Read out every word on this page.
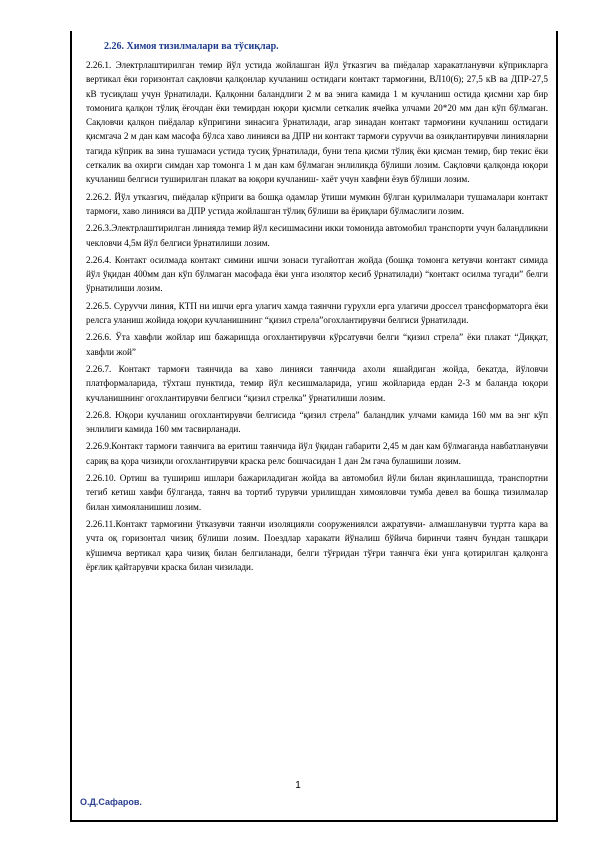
2.26. Химоя тизилмалари ва тўсиқлар.

2.26.1. Электрлаштирилган темир йўл устида жойлашган йўл ўтказгич ва пиёдалар харакатланувчи кўприкларга вертикал ёки горизонтал сақловчи қалқонлар кучланиш остидаги контакт тармоғини, ВЛ10(6); 27,5 кВ ва ДПР-27,5 кВ тусиқлаш учун ўрнатилади. Қалқонни баландлиги 2 м ва энига камида 1 м кучланиш остида қисмни хар бир томонига қалқон тўлиқ ёғочдан ёки темирдан юқори қисмли сеткалик ячейка улчами 20*20 мм дан кўп бўлмаган. Сақловчи қалқон пиёдалар кўпригини зинасига ўрнатилади, агар зинадан контакт тармоғини кучланиш остидаги қисмгача 2 м дан кам масофа бўлса хаво линияси ва ДПР ни контакт тармоғи суруvчи ва озиқлантирувчи линияларни тагида кўприк ва зина тушамаси устида тусиқ ўрнатилади, буни тепа қисми тўлиқ ёки қисман темир, бир текис ёки сеткалик ва охирги симдан хар томонга 1 м дан кам бўлмаган энлиликда бўлиши лозим. Сақловчи қалқонда юқори кучланиш белгиси туширилган плакат ва юқори кучланиш- хаёт учун хавфни ёзув бўлиши лозим.

2.26.2. Йўл утказгич, пиёдалар кўприги ва бошқа одамлар ўтиши мумкин бўлган қурилмалари тушамалари контакт тармоғи, хаво линияси ва ДПР устида жойлашган тўлиқ бўлиши ва ёриқлари бўлмаслиги лозим.

2.26.3.Электрлаштирилган линияда темир йўл кесишмасини икки томонида автомобил транспорти учун баландликни чекловчи 4,5м йўл белгиси ўрнатилиши лозим.

2.26.4. Контакт осилмада контакт симини ишчи зонаси тугайотган жойда (бошқа томонга кетувчи контакт симида йўл ўқидан 400мм дан кўп бўлмаган масофада ёки унга изолятор кесиб ўрнатилади) “контакт осилма тугади” белги ўрнатилиши лозим.

2.26.5. Суруvчи линия, КТП ни ишчи ерга улагич хамда таянчни гурухли ерга улагичи дроссел трансформаторга ёки релсга уланиш жойида юқори кучланишнинг “қизил стрела”огохлантирувчи белгиси ўрнатилади.

2.26.6. Ўта хавфли жойлар иш бажаришда огохлантирувчи кўрсатувчи белги “қизил стрела” ёки плакат “Диққат, хавфли жой”

2.26.7. Контакт тармоғи таянчида ва хаво линияси таянчида ахоли яшайдиган жойда, бекатда, йўловчи платформаларида, тўхташ пунктида, темир йўл кесишмаларида, угиш жойларида ердан 2-3 м баланда юқори кучланишнинг огохлантирувчи белгиси “қизил стрелка” ўрнатилиши лозим.

2.26.8. Юқори кучланиш огохлантирувчи белгисида “қизил стрела” баландлик улчами камида 160 мм ва энг кўп энлилиги камида 160 мм тасвирланади.

2.26.9.Контакт тармоғи таянчига ва еритиш таянчида йўл ўқидан габарити 2,45 м дан кам бўлмаганда навбатланувчи сариқ ва қора чизиқли огохлантирувчи краска релс бошчасидан 1 дан 2м гача булашиши лозим.

2.26.10. Ортиш ва тушириш ишлари бажариладиган жойда ва автомобил йўли билан яқинлашишда, транспортни тегиб кетиш хавфи бўлганда, таянч ва тортиб турувчи урилишдан химояловчи тумба девел ва бошқа тизилмалар билан химояланишиш лозим.

2.26.11.Контакт тармоғини ўтказувчи таянчи изоляцияли сооружениялси ажратувчи- алмашланувчи туртта кара ва учта оқ горизонтал чизиқ бўлиши лозим. Поездлар харакати йўналиш бўйича биринчи таянч бундан ташқари кўшимча вертикал қара чизиқ билан белгиланади, белги тўғридан тўғри таянчга ёки унга қотирилган қалқонга ёрғлик қайтарувчи краска билан чизилади.

1
О.Д.Сафаров.
